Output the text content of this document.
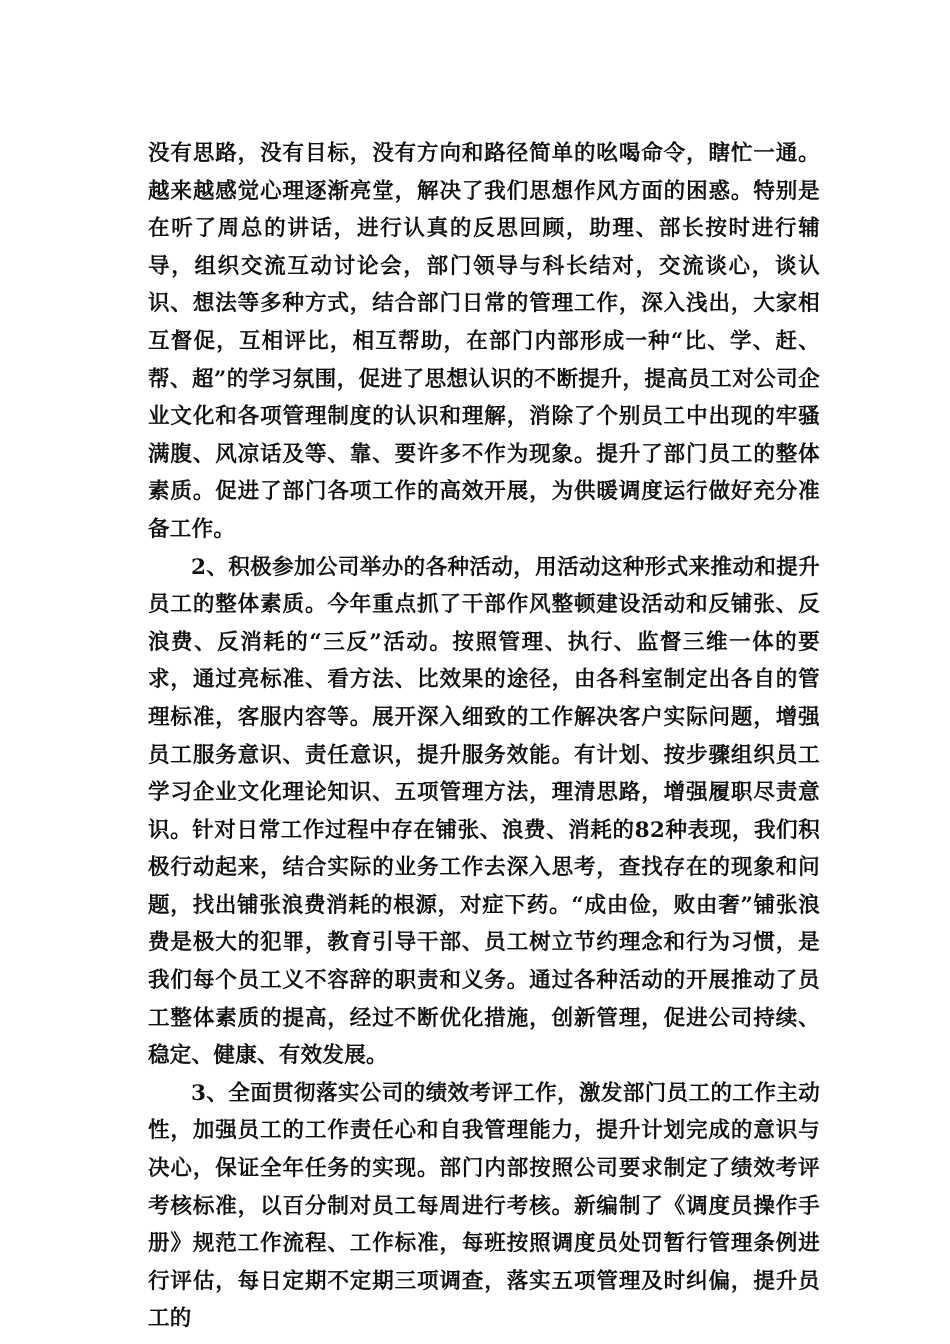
没有思路，没有目标，没有方向和路径简单的吆喝命令，瞎忙一通。越来越感觉心理逐渐亮堂，解决了我们思想作风方面的困惑。特别是在听了周总的讲话，进行认真的反思回顾，助理、部长按时进行辅导，组织交流互动讨论会，部门领导与科长结对，交流谈心，谈认识、想法等多种方式，结合部门日常的管理工作，深入浅出，大家相互督促，互相评比，相互帮助，在部门内部形成一种“比、学、赶、帮、超”的学习氛围，促进了思想认识的不断提升，提高员工对公司企业文化和各项管理制度的认识和理解，消除了个别员工中出现的牢骚满腹、风凉话及等、靠、要许多不作为现象。提升了部门员工的整体素质。促进了部门各项工作的高效开展，为供暖调度运行做好充分准备工作。

2、积极参加公司举办的各种活动，用活动这种形式来推动和提升员工的整体素质。今年重点抓了干部作风整顿建设活动和反铺张、反浪费、反消耗的“三反”活动。按照管理、执行、监督三维一体的要求，通过亮标准、看方法、比效果的途径，由各科室制定出各自的管理标准，客服内容等。展开深入细致的工作解决客户实际问题，增强员工服务意识、责任意识，提升服务效能。有计划、按步骤组织员工学习企业文化理论知识、五项管理方法，理清思路，增强履职尽责意识。针对日常工作过程中存在铺张、浪费、消耗的82种表现，我们积极行动起来，结合实际的业务工作去深入思考，查找存在的现象和问题，找出铺张浪费消耗的根源，对症下药。“成由俭，败由奢”铺张浪费是极大的犯罪，教育引导干部、员工树立节约理念和行为习惯，是我们每个员工义不容辞的职责和义务。通过各种活动的开展推动了员工整体素质的提高，经过不断优化措施，创新管理，促进公司持续、稳定、健康、有效发展。

3、全面贯彻落实公司的绩效考评工作，激发部门员工的工作主动性，加强员工的工作责任心和自我管理能力，提升计划完成的意识与决心，保证全年任务的实现。部门内部按照公司要求制定了绩效考评考核标准，以百分制对员工每周进行考核。新编制了《调度员操作手册》规范工作流程、工作标准，每班按照调度员处罚暂行管理条例进行评估，每日定期不定期三项调查，落实五项管理及时纠偏，提升员工的
